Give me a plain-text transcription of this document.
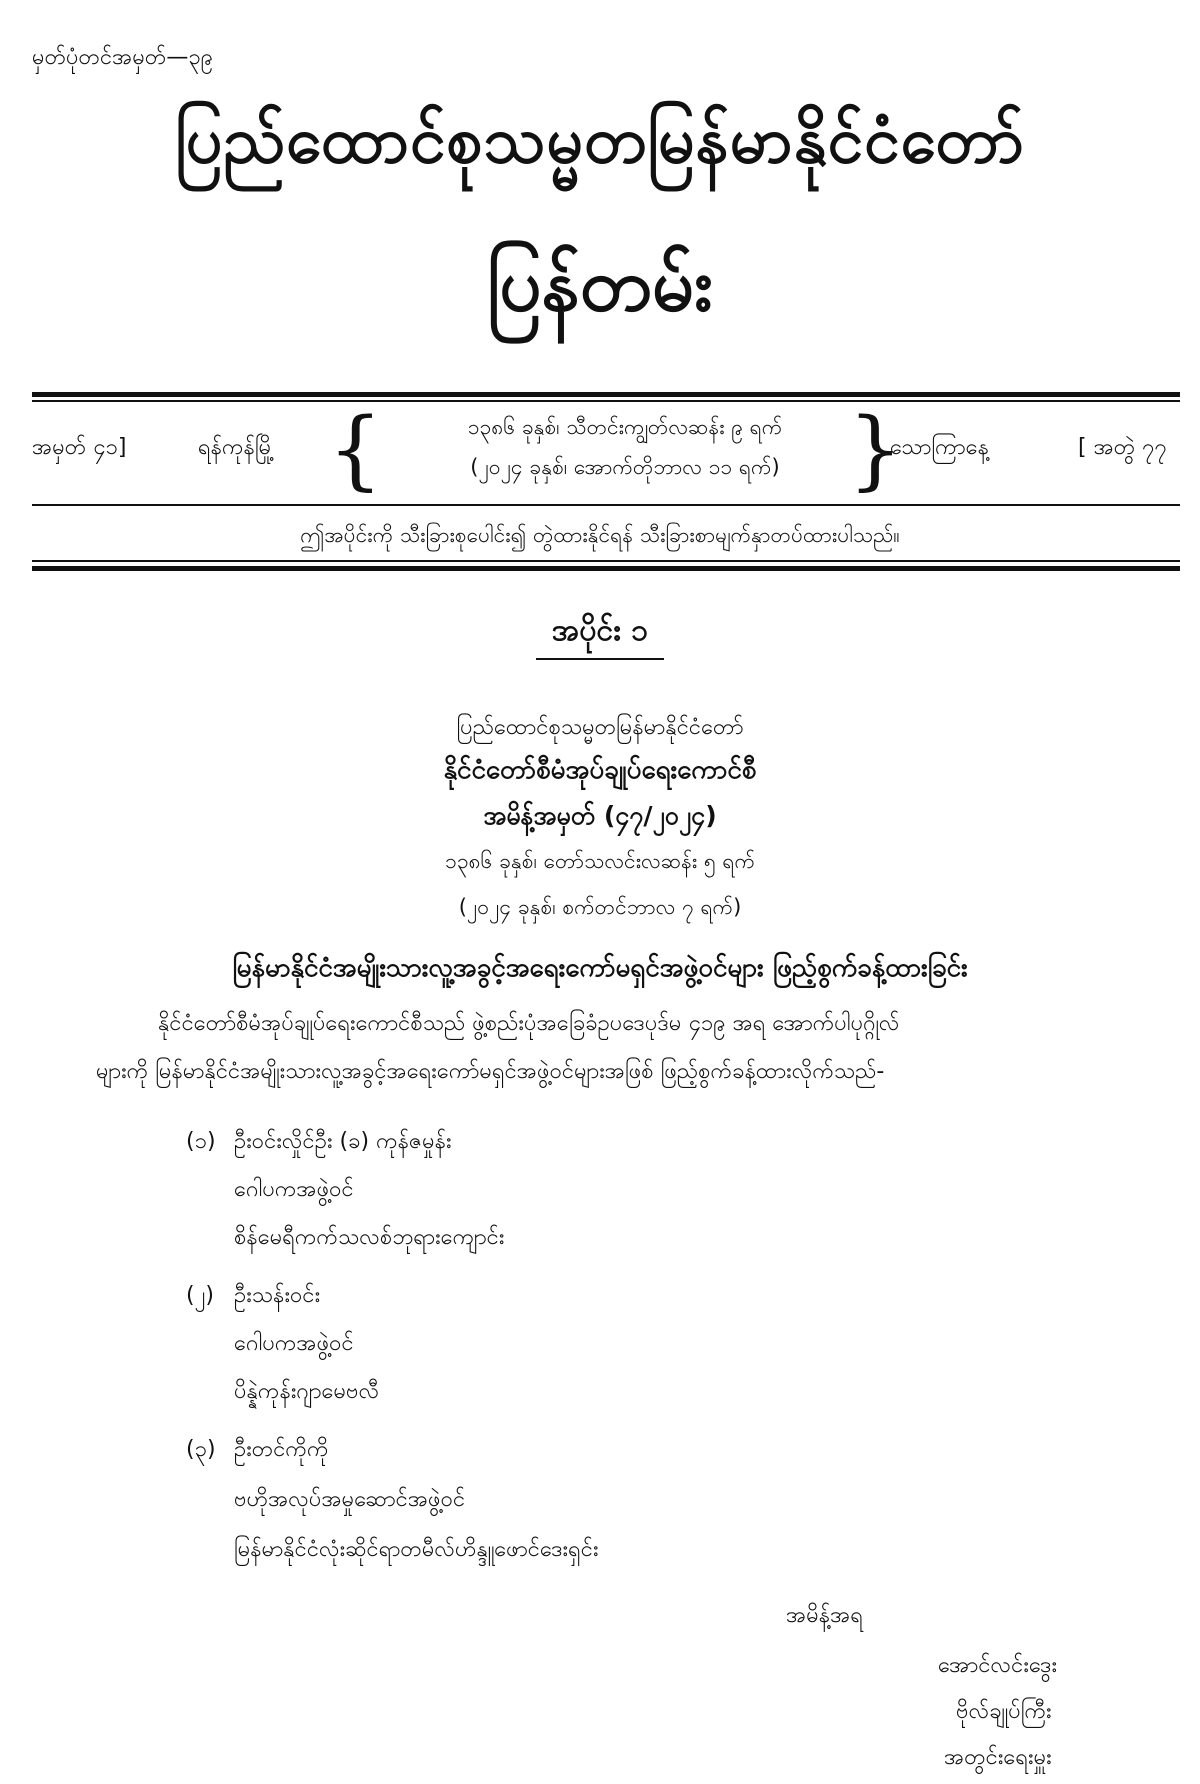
မှတ်ပုံတင်အမှတ်—၃၉
ပြည်ထောင်စုသမ္မတမြန်မာနိုင်ငံတော်
ပြန်တမ်း
အမှတ် ၄၁]	ရန်ကုန်မြို့ {	၁၃၈၆ ခုနှစ်၊ သီတင်းကျွတ်လဆန်း ၉ ရက်
(၂၀၂၄ ခုနှစ်၊ အောက်တိုဘာလ ၁၁ ရက်) }
သောကြာနေ့	[ အတွဲ ၇၇
ဤအပိုင်းကို သီးခြားစုပေါင်း၍ တွဲထားနိုင်ရန် သီးခြားစာမျက်နှာတပ်ထားပါသည်။
အပိုင်း ၁
ပြည်ထောင်စုသမ္မတမြန်မာနိုင်ငံတော်
နိုင်ငံတော်စီမံအုပ်ချုပ်ရေးကောင်စီ
အမိန့်အမှတ် (၄၇/၂၀၂၄)
၁၃၈၆ ခုနှစ်၊ တော်သလင်းလဆန်း ၅ ရက်
(၂၀၂၄ ခုနှစ်၊ စက်တင်ဘာလ ၇ ရက်)
မြန်မာနိုင်ငံအမျိုးသားလူ့အခွင့်အရေးကော်မရှင်အဖွဲ့ဝင်များ ဖြည့်စွက်ခန့်ထားခြင်း
နိုင်ငံတော်စီမံအုပ်ချုပ်ရေးကောင်စီသည် ဖွဲ့စည်းပုံအခြေခံဥပဒေပုဒ်မ ၄၁၉ အရ အောက်ပါပုဂ္ဂိုလ်
များကို မြန်မာနိုင်ငံအမျိုးသားလူ့အခွင့်အရေးကော်မရှင်အဖွဲ့ဝင်များအဖြစ် ဖြည့်စွက်ခန့်ထားလိုက်သည်-
(၁) ဦးဝင်းလှိုင်ဦး (ခ) ကုန်ဇမှုန်း
ဂေါပကအဖွဲ့ဝင်
စိန်မေရီကက်သလစ်ဘုရားကျောင်း
(၂) ဦးသန်းဝင်း
ဂေါပကအဖွဲ့ဝင်
ပိန္နဲကုန်းဂျာမေဗလီ
(၃) ဦးတင်ကိုကို
ဗဟိုအလုပ်အမှုဆောင်အဖွဲ့ဝင်
မြန်မာနိုင်ငံလုံးဆိုင်ရာတမီလ်ဟိန္ဒူဖောင်ဒေးရှင်း
အမိန့်အရ
အောင်လင်းဒွေး
ဗိုလ်ချုပ်ကြီး
အတွင်းရေးမှူး
